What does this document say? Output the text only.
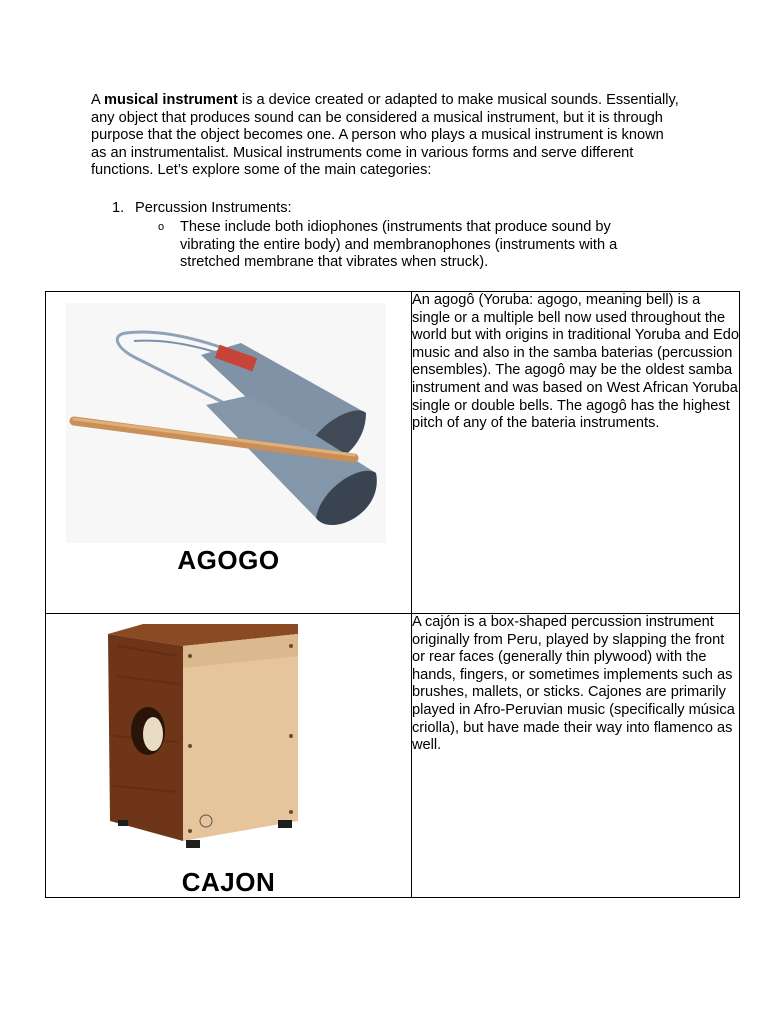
A musical instrument is a device created or adapted to make musical sounds. Essentially, any object that produces sound can be considered a musical instrument, but it is through purpose that the object becomes one. A person who plays a musical instrument is known as an instrumentalist. Musical instruments come in various forms and serve different functions. Let’s explore some of the main categories:
1. Percussion Instruments:
o These include both idiophones (instruments that produce sound by vibrating the entire body) and membranophones (instruments with a stretched membrane that vibrates when struck).
AGOGO	An agogô (Yoruba: agogo, meaning bell) is a single or a multiple bell now used throughout the world but with origins in traditional Yoruba and Edo music and also in the samba baterias (percussion ensembles). The agogô may be the oldest samba instrument and was based on West African Yoruba single or double bells. The agogô has the highest pitch of any of the bateria instruments.

CAJON	A cajón is a box-shaped percussion instrument originally from Peru, played by slapping the front or rear faces (generally thin plywood) with the hands, fingers, or sometimes implements such as brushes, mallets, or sticks. Cajones are primarily played in Afro-Peruvian music (specifically música criolla), but have made their way into flamenco as well.
